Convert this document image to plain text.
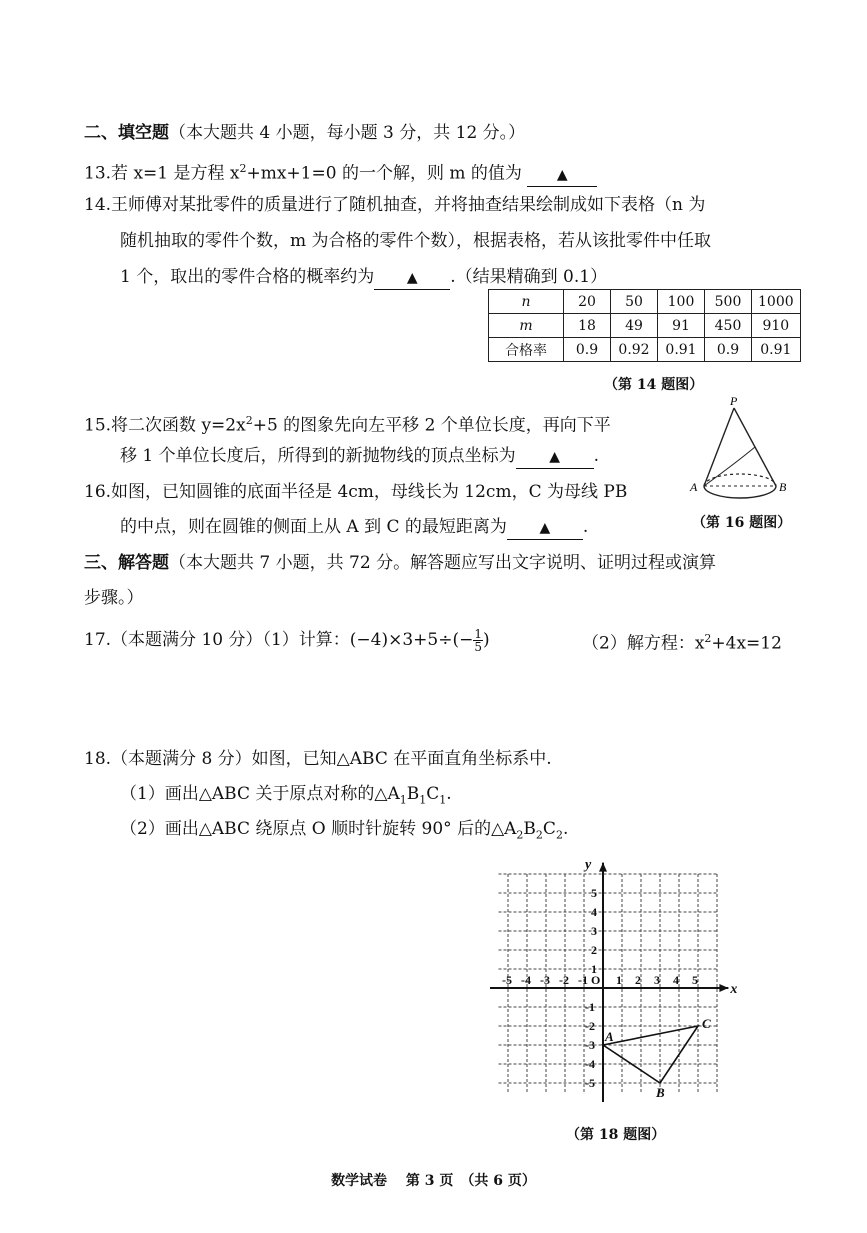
二、填空题（本大题共 4 小题，每小题 3 分，共 12 分。）
13.若 x=1 是方程 $x^2+mx+1=0$ 的一个解，则 m 的值为	▲
14.王师傅对某批零件的质量进行了随机抽查，并将抽查结果绘制成如下表格（n 为
随机抽取的零件个数，m 为合格的零件个数），根据表格，若从该批零件中任取
1 个，取出的零件合格的概率约为 ▲ .（结果精确到 0.1）
n	20	50	100	500	1000
m	18	49	91	450	910
合格率	0.9	0.92	0.91	0.9	0.91
（第 14 题图）
15.将二次函数 $y=2x^2+5$ 的图象先向左平移 2 个单位长度，再向下平
移 1 个单位长度后，所得到的新抛物线的顶点坐标为 ▲ .
16.如图，已知圆锥的底面半径是 4cm，母线长为 12cm，C 为母线 PB
的中点，则在圆锥的侧面上从 A 到 C 的最短距离为 ▲ .
P
A	B
（第 16 题图）
三、解答题（本大题共 7 小题，共 72 分。解答题应写出文字说明、证明过程或演算
步骤。）
17.（本题满分 10 分）（1）计算：$(-4)\times 3+5\div(- \frac{1}{5}$ )	（2）解方程：$x^2+4x=12$
18.（本题满分 8 分）如图，已知△ABC 在平面直角坐标系中.
（1）画出△ABC 关于原点对称的$\triangle A_1B_1C_1$.
（2）画出△ABC 绕原点 O 顺时针旋转 90° 后的$\triangle A_2B_2C_2$.
-5 -4 -3 -2 -1 O 1 2 3 4 5
5
4
3
2
1
-1
-2
-3
-4
-5
x
y
A
B
C
（第 18 题图）
数学试卷　 第 3 页　（共 6 页）
